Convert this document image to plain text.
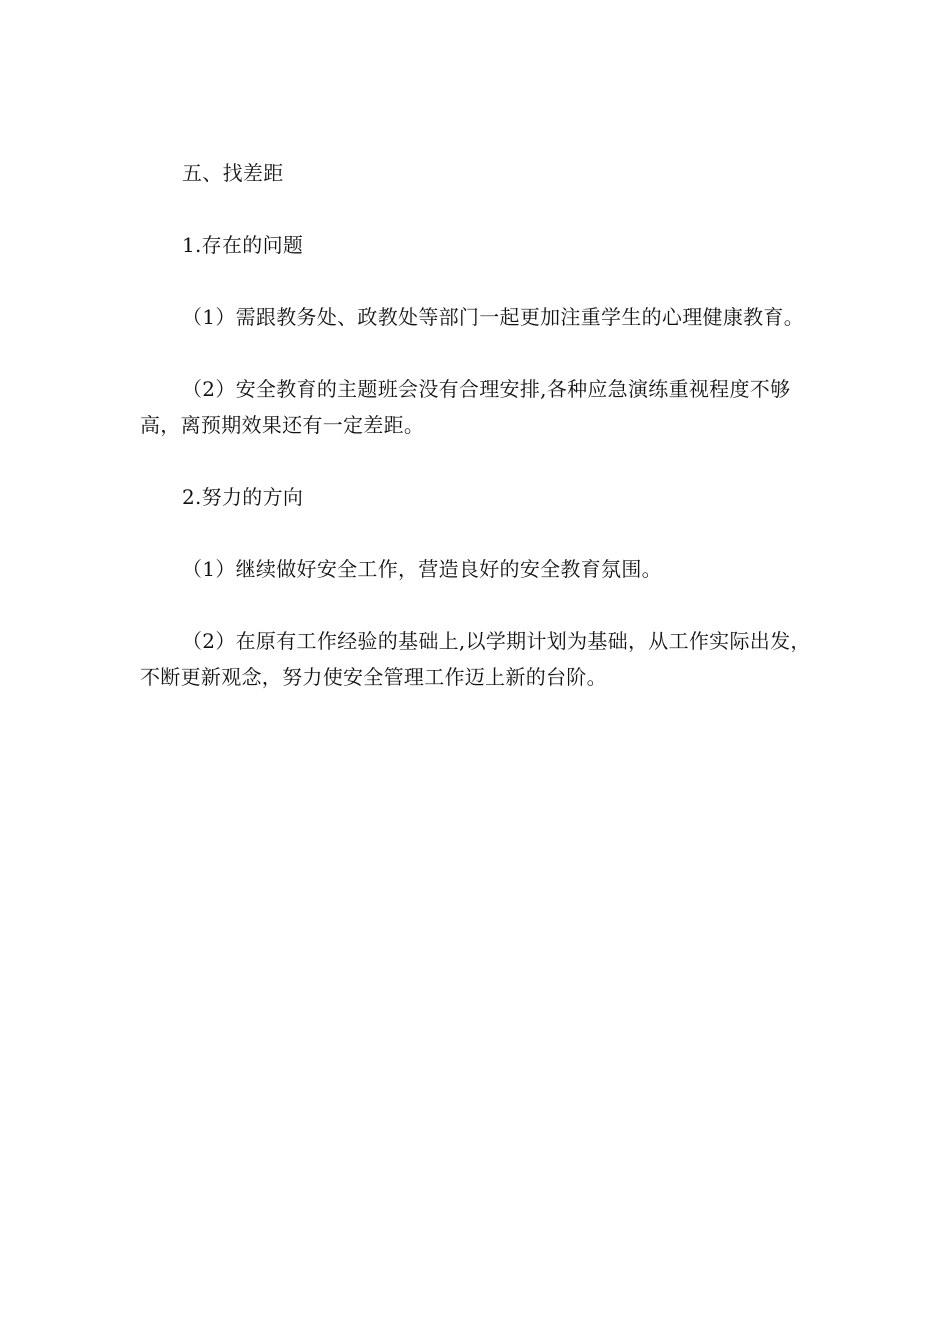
五、找差距

1.存在的问题

（1）需跟教务处、政教处等部门一起更加注重学生的心理健康教育。

（2）安全教育的主题班会没有合理安排,各种应急演练重视程度不够高，离预期效果还有一定差距。

2.努力的方向

（1）继续做好安全工作，营造良好的安全教育氛围。

（2）在原有工作经验的基础上,以学期计划为基础，从工作实际出发，不断更新观念，努力使安全管理工作迈上新的台阶。
